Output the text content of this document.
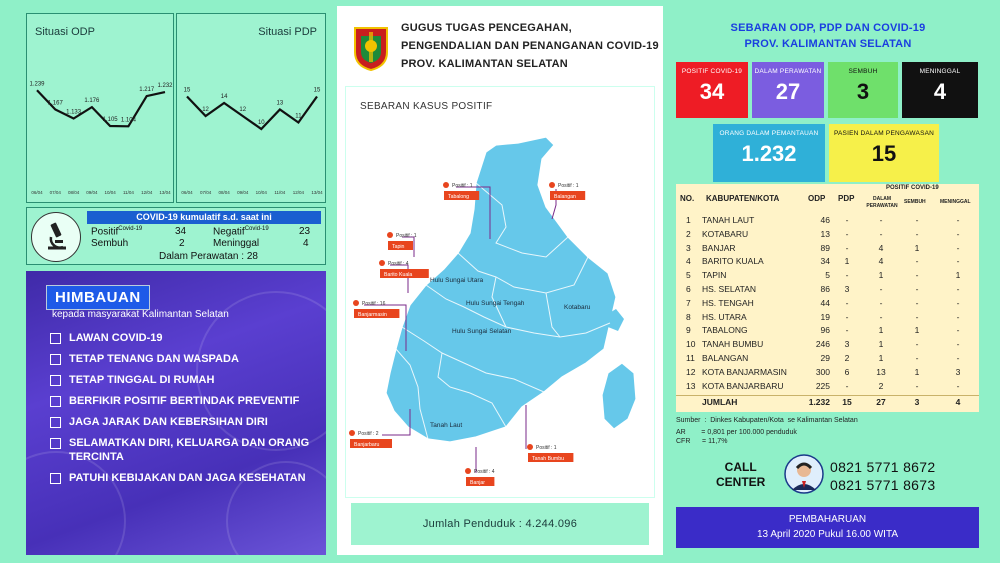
Situasi ODP
1.239
1.167
1.133
1.176
1.105 1.104
1.217
1.232
06/04 07/04 08/04 09/04 10/04 11/04 12/04 13/04
Situasi PDP
15
12
14
12
10
13
11
15
06/04 07/04 08/04 09/04 10/04 11/04 12/04 13/04
COVID-19 kumulatif s.d. saat ini
Positif$^{Covid-19}$	34	Negatif$^{Covid-19}$	23
Sembuh	2	Meninggal	4
Dalam Perawatan : 28
HIMBAUAN
kepada masyarakat Kalimantan Selatan
LAWAN COVID-19
TETAP TENANG DAN WASPADA
TETAP TINGGAL DI RUMAH
BERFIKIR POSITIF BERTINDAK PREVENTIF
JAGA JARAK DAN KEBERSIHAN DIRI
SELAMATKAN DIRI, KELUARGA DAN ORANG TERCINTA
PATUHI KEBIJAKAN DAN JAGA KESEHATAN
GUGUS TUGAS PENCEGAHAN,
PENGENDALIAN DAN PENANGANAN COVID-19
PROV. KALIMANTAN SELATAN
SEBARAN KASUS POSITIF
Positif : 1
Tabalong
Positif : 1
Balangan
Positif : 1
Tapin
Positif : 4
Barito Kuala
Positif : 16
Banjarmasin
Positif : 2
Banjarbaru	Positif : 1
Tanah Bumbu
Positif : 4
Banjar
Hulu Sungai Utara
Hulu Sungai Tengah
Hulu Sungai Selatan
Kotabaru
Tanah Laut
Jumlah Penduduk : 4.244.096
SEBARAN ODP, PDP DAN COVID-19
PROV. KALIMANTAN SELATAN
POSITIF COVID-19
34
DALAM PERAWATAN
27
SEMBUH
3
MENINGGAL
4
ORANG DALAM PEMANTAUAN
1.232
PASIEN DALAM PENGAWASAN
15
NO. KABUPATEN/KOTA	ODP PDP
POSITIF COVID-19
DALAM PERAWATAN
SEMBUH	MENINGGAL
1 TANAH LAUT	46	-	-	-	-
2 KOTABARU	13	-	-	-	-
3 BANJAR	89	-	4	1	-
4 BARITO KUALA	34	1	4	-	-
5 TAPIN	5	-	1	-	1
6 HS. SELATAN	86	3	-	-	-
7 HS. TENGAH	44	-	-	-	-
8 HS. UTARA	19	-	-	-	-
9 TABALONG	96	-	1	1	-
10 TANAH BUMBU	246	3	1	-	-
11 BALANGAN	29	2	1	-	-
12 KOTA BANJARMASIN	300	6	13	1	3
13 KOTA BANJARBARU	225	-	2	-	-
JUMLAH	1.232	15	27	3	4
Sumber  :  Dinkes Kabupaten/Kota  se Kalimantan Selatan
AR        = 0,801 per 100.000 penduduk
CFR      = 11,7%
CALL
CENTER
0821 5771 8672
0821 5771 8673
PEMBAHARUAN
13 April 2020 Pukul 16.00 WITA
